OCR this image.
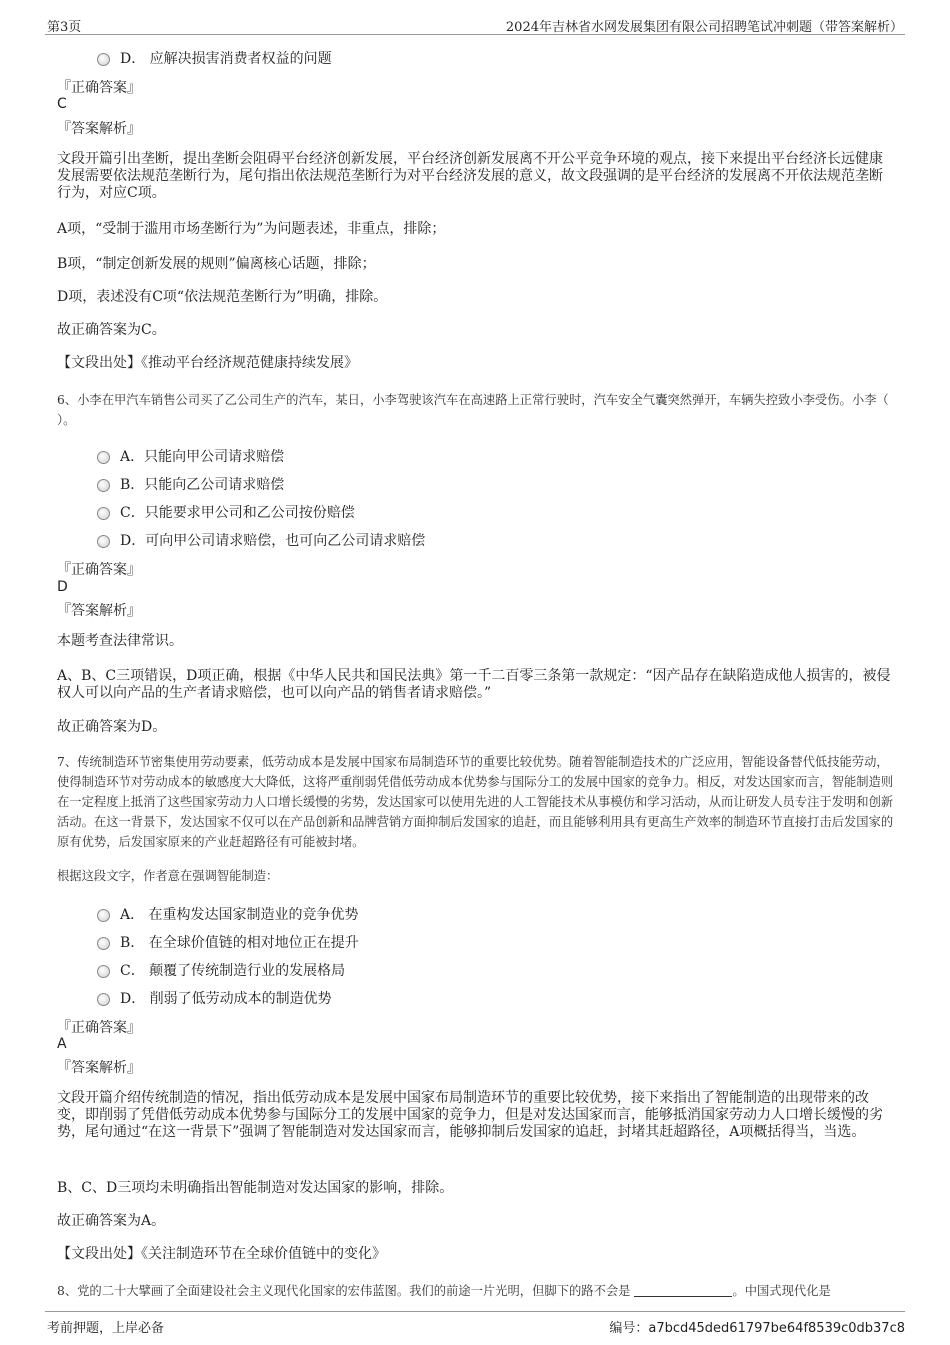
第3页	2024年吉林省水网发展集团有限公司招聘笔试冲刺题（带答案解析）
D． 应解决损害消费者权益的问题
『正确答案』
C
『答案解析』
文段开篇引出垄断，提出垄断会阻碍平台经济创新发展，平台经济创新发展离不开公平竞争环境的观点，接下来提出平台经济长远健康发展需要依法规范垄断行为，尾句指出依法规范垄断行为对平台经济发展的意义，故文段强调的是平台经济的发展离不开依法规范垄断行为，对应C项。
A项，“受制于滥用市场垄断行为”为问题表述，非重点，排除；
B项，“制定创新发展的规则”偏离核心话题，排除；
D项，表述没有C项“依法规范垄断行为”明确，排除。
故正确答案为C。
【文段出处】《推动平台经济规范健康持续发展》
6、小李在甲汽车销售公司买了乙公司生产的汽车，某日，小李驾驶该汽车在高速路上正常行驶时，汽车安全气囊突然弹开，车辆失控致小李受伤。小李（ ）。
A．只能向甲公司请求赔偿
B．只能向乙公司请求赔偿
C．只能要求甲公司和乙公司按份赔偿
D．可向甲公司请求赔偿，也可向乙公司请求赔偿
『正确答案』
D
『答案解析』
本题考查法律常识。
A、B、C三项错误，D项正确，根据《中华人民共和国民法典》第一千二百零三条第一款规定：“因产品存在缺陷造成他人损害的，被侵权人可以向产品的生产者请求赔偿，也可以向产品的销售者请求赔偿。”
故正确答案为D。
7、传统制造环节密集使用劳动要素，低劳动成本是发展中国家布局制造环节的重要比较优势。随着智能制造技术的广泛应用，智能设备替代低技能劳动，使得制造环节对劳动成本的敏感度大大降低，这将严重削弱凭借低劳动成本优势参与国际分工的发展中国家的竞争力。相反，对发达国家而言，智能制造则在一定程度上抵消了这些国家劳动力人口增长缓慢的劣势，发达国家可以使用先进的人工智能技术从事模仿和学习活动，从而让研发人员专注于发明和创新活动。在这一背景下，发达国家不仅可以在产品创新和品牌营销方面抑制后发国家的追赶，而且能够利用具有更高生产效率的制造环节直接打击后发国家的原有优势，后发国家原来的产业赶超路径有可能被封堵。
根据这段文字，作者意在强调智能制造：
A． 在重构发达国家制造业的竞争优势
B． 在全球价值链的相对地位正在提升
C． 颠覆了传统制造行业的发展格局
D． 削弱了低劳动成本的制造优势
『正确答案』
A
『答案解析』
文段开篇介绍传统制造的情况，指出低劳动成本是发展中国家布局制造环节的重要比较优势，接下来指出了智能制造的出现带来的改变，即削弱了凭借低劳动成本优势参与国际分工的发展中国家的竞争力，但是对发达国家而言，能够抵消国家劳动力人口增长缓慢的劣势，尾句通过“在这一背景下”强调了智能制造对发达国家而言，能够抑制后发国家的追赶，封堵其赶超路径，A项概括得当，当选。
B、C、D三项均未明确指出智能制造对发达国家的影响，排除。
故正确答案为A。
【文段出处】《关注制造环节在全球价值链中的变化》
8、党的二十大擘画了全面建设社会主义现代化国家的宏伟蓝图。我们的前途一片光明，但脚下的路不会是	。中国式现代化是
考前押题，上岸必备	编号：a7bcd45ded61797be64f8539c0db37c8
